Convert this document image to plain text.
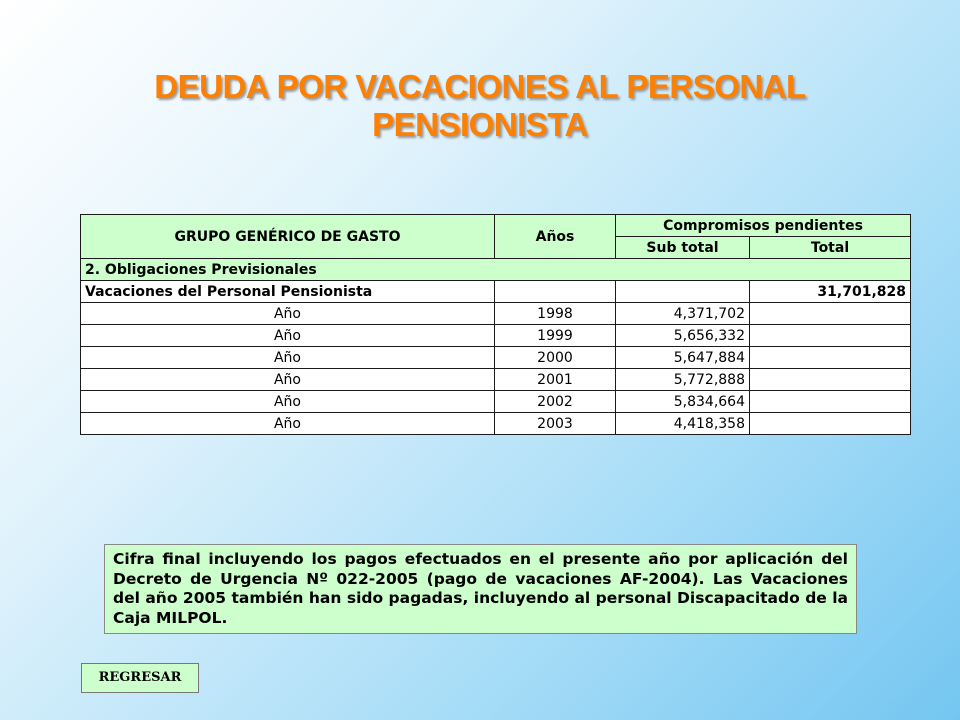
DEUDA POR VACACIONES AL PERSONAL
PENSIONISTA
GRUPO GENÉRICO DE GASTO	Años	Compromisos pendientes	
		Sub total	Total
2. Obligaciones Previsionales			
Vacaciones del Personal Pensionista			31,701,828
Año	1998	4,371,702	
Año	1999	5,656,332	
Año	2000	5,647,884	
Año	2001	5,772,888	
Año	2002	5,834,664	
Año	2003	4,418,358	
Cifra final incluyendo los pagos efectuados en el presente año por aplicación del Decreto de Urgencia Nº 022-2005 (pago de vacaciones AF-2004). Las Vacaciones del año 2005 también han sido pagadas, incluyendo al personal Discapacitado de la Caja MILPOL.
REGRESAR
